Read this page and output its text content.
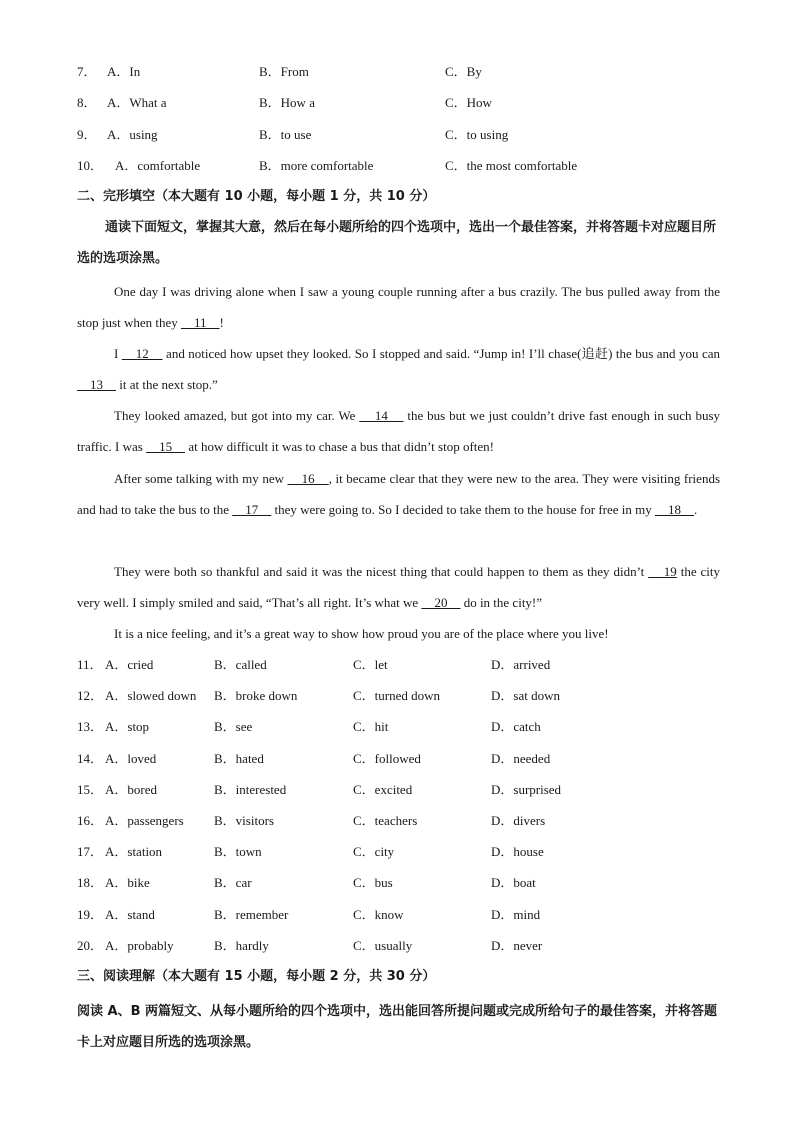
7． A．In	B．From	C．By
8． A．What a	B．How a	C．How
9． A．using	B．to use	C．to using
10． A．comfortable	B．more comfortable	C．the most comfortable
二、完形填空（本大题有 10 小题，每小题 1 分，共 10 分）
通读下面短文，掌握其大意，然后在每小题所给的四个选项中，选出一个最佳答案，并将答题卡对应题目所选的选项涂黑。
One day I was driving alone when I saw a young couple running after a bus crazily. The bus pulled away from the stop just when they     11    !
I     12     and noticed how upset they looked. So I stopped and said. “Jump in! I’ll chase(追赶) the bus and you can     13     it at the next stop.”
They looked amazed, but got into my car. We     14     the bus but we just couldn’t drive fast enough in such busy traffic. I was     15     at how difficult it was to chase a bus that didn’t stop often!
After some talking with my new     16    , it became clear that they were new to the area. They were visiting friends and had to take the bus to the     17     they were going to. So I decided to take them to the house for free in my     18    .
They were both so thankful and said it was the nicest thing that could happen to them as they didn’t     19 the city very well. I simply smiled and said, “That’s all right. It’s what we     20     do in the city!”
It is a nice feeling, and it’s a great way to show how proud you are of the place where you live!
11． A．cried	B．called	C．let	D．arrived
12． A．slowed down B．broke down	C．turned down	D．sat down
13． A．stop	B．see	C．hit	D．catch
14． A．loved	B．hated	C．followed	D．needed
15． A．bored	B．interested	C．excited	D．surprised
16． A．passengers B．visitors	C．teachers	D．divers
17． A．station	B．town	C．city	D．house
18． A．bike	B．car	C．bus	D．boat
19． A．stand	B．remember	C．know	D．mind
20． A．probably	B．hardly	C．usually	D．never
三、阅读理解（本大题有 15 小题，每小题 2 分，共 30 分）
阅读 A、B 两篇短文、从每小题所给的四个选项中，选出能回答所提问题或完成所给句子的最佳答案，并将答题卡上对应题目所选的选项涂黑。
